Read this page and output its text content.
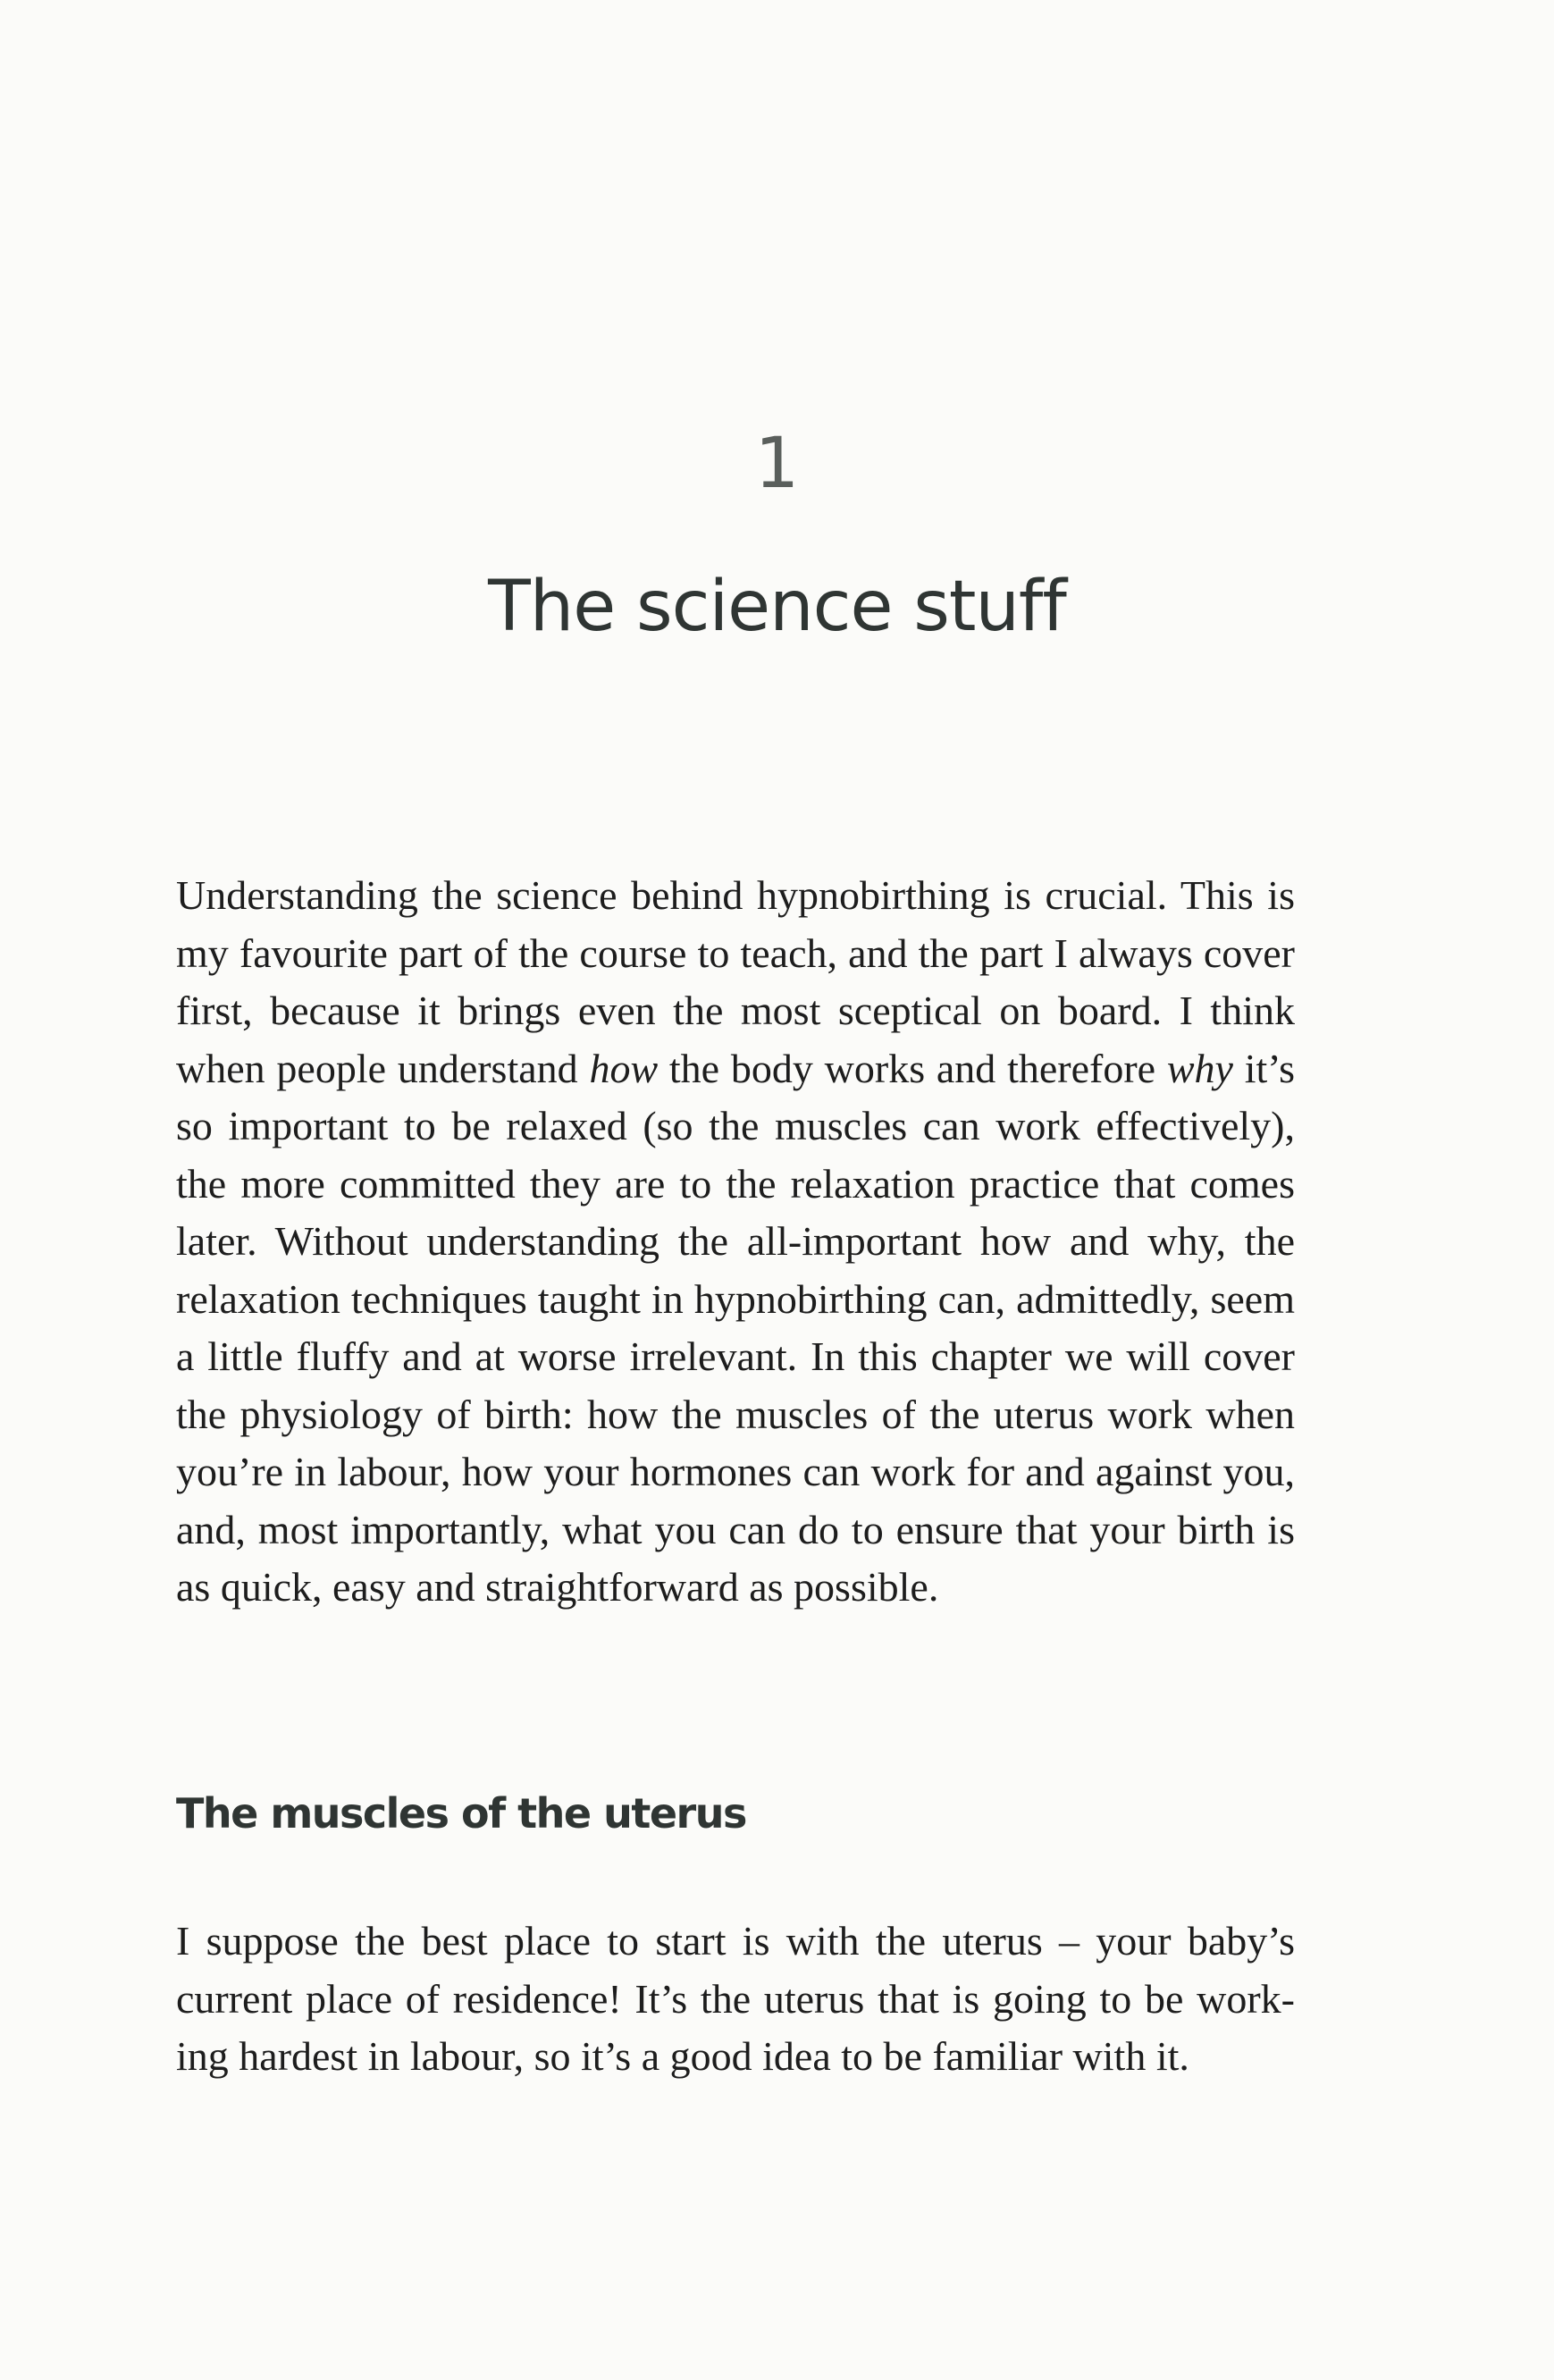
1
The science stuff

Understanding the science behind hypnobirthing is crucial. This is my favourite part of the course to teach, and the part I always cover first, because it brings even the most sceptical on board. I think when people understand how the body works and therefore why it’s so important to be relaxed (so the muscles can work effectively), the more committed they are to the relaxation practice that comes later. Without understanding the all-important how and why, the relaxation techniques taught in hypnobirthing can, admittedly, seem a little fluffy and at worse irrelevant. In this chapter we will cover the physiology of birth: how the muscles of the uterus work when you’re in labour, how your hormones can work for and against you, and, most importantly, what you can do to ensure that your birth is as quick, easy and straightforward as possible.

The muscles of the uterus

I suppose the best place to start is with the uterus – your baby’s current place of residence! It’s the uterus that is going to be working hardest in labour, so it’s a good idea to be familiar with it.
